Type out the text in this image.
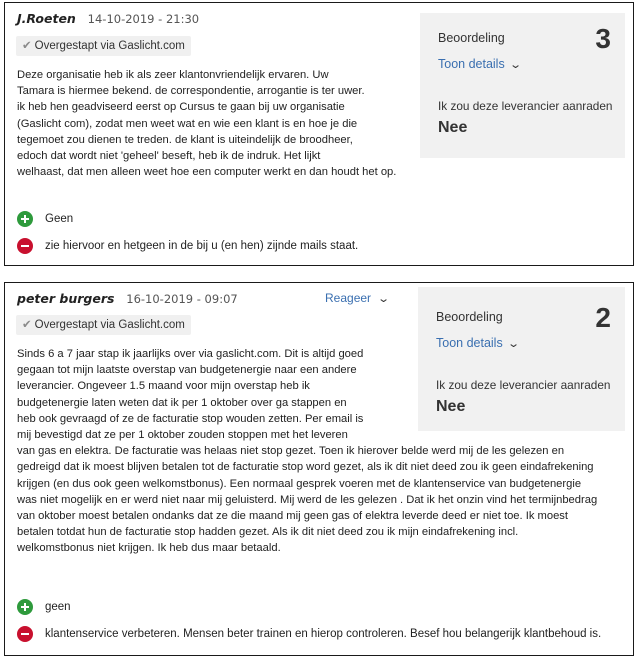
J.Roeten 14-10-2019 - 21:30
✔ Overgestapt via Gaslicht.com
Deze organisatie heb ik als zeer klantonvriendelijk ervaren. Uw
Tamara is hiermee bekend. de correspondentie, arrogantie is ter uwer.
ik heb hen geadviseerd eerst op Cursus te gaan bij uw organisatie
(Gaslicht com), zodat men weet wat en wie een klant is en hoe je die
tegemoet zou dienen te treden. de klant is uiteindelijk de broodheer,
edoch dat wordt niet 'geheel' beseft, heb ik de indruk. Het lijkt
welhaast, dat men alleen weet hoe een computer werkt en dan houdt het op.
Beoordeling	3
Toon details ⌄
Ik zou deze leverancier aanraden
Nee
Geen
zie hiervoor en hetgeen in de bij u (en hen) zijnde mails staat.
peter burgers 16-10-2019 - 09:07	Reageer ⌄
✔ Overgestapt via Gaslicht.com
Sinds 6 a 7 jaar stap ik jaarlijks over via gaslicht.com. Dit is altijd goed
gegaan tot mijn laatste overstap van budgetenergie naar een andere
leverancier. Ongeveer 1.5 maand voor mijn overstap heb ik
budgetenergie laten weten dat ik per 1 oktober over ga stappen en
heb ook gevraagd of ze de facturatie stop wouden zetten. Per email is
mij bevestigd dat ze per 1 oktober zouden stoppen met het leveren
van gas en elektra. De facturatie was helaas niet stop gezet. Toen ik hierover belde werd mij de les gelezen en
gedreigd dat ik moest blijven betalen tot de facturatie stop word gezet, als ik dit niet deed zou ik geen eindafrekening
krijgen (en dus ook geen welkomstbonus). Een normaal gesprek voeren met de klantenservice van budgetenergie
was niet mogelijk en er werd niet naar mij geluisterd. Mij werd de les gelezen . Dat ik het onzin vind het termijnbedrag
van oktober moest betalen ondanks dat ze die maand mij geen gas of elektra leverde deed er niet toe. Ik moest
betalen totdat hun de facturatie stop hadden gezet. Als ik dit niet deed zou ik mijn eindafrekening incl.
welkomstbonus niet krijgen. Ik heb dus maar betaald.
Beoordeling	2
Toon details ⌄
Ik zou deze leverancier aanraden
Nee
geen
klantenservice verbeteren. Mensen beter trainen en hierop controleren. Besef hou belangerijk klantbehoud is.
